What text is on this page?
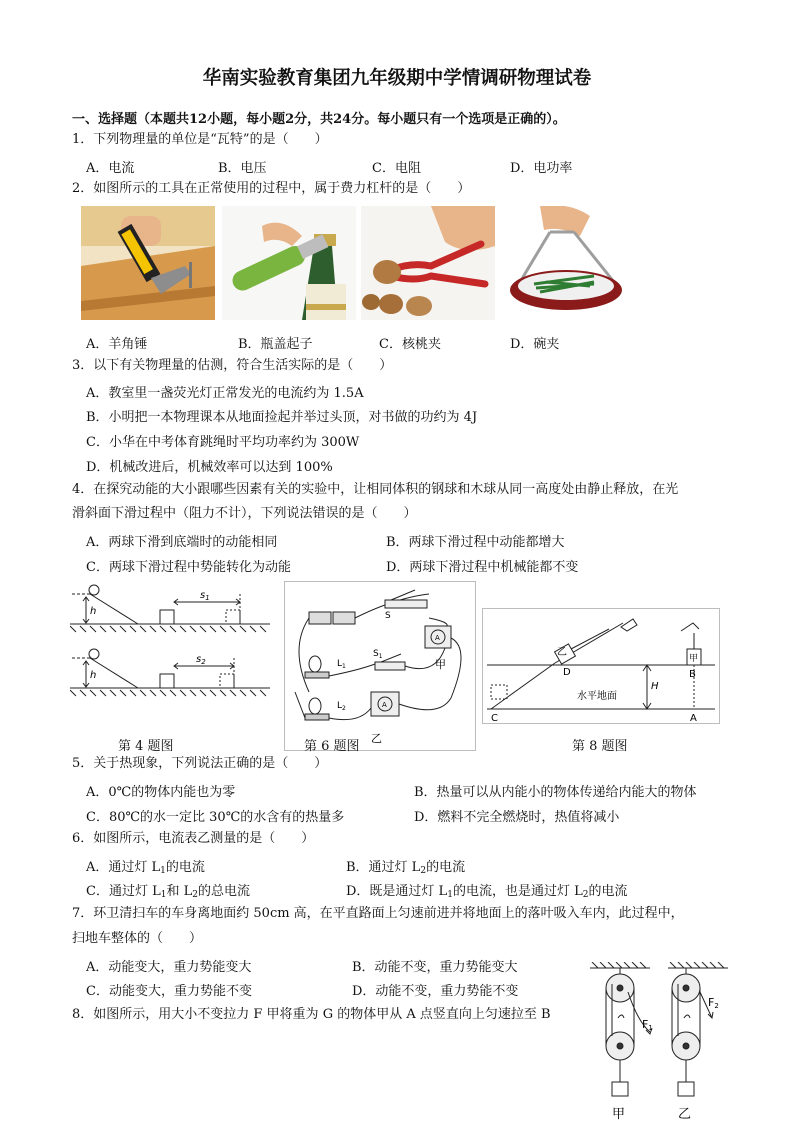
华南实验教育集团九年级期中学情调研物理试卷
一、选择题（本题共12小题，每小题2分，共24分。每小题只有一个选项是正确的）。
1．下列物理量的单位是“瓦特”的是（　　）
A．电流	B．电压	C．电阻	D．电功率
2．如图所示的工具在正常使用的过程中，属于费力杠杆的是（　　）
A．羊角锤	B．瓶盖起子	C．核桃夹	D．碗夹
3．以下有关物理量的估测，符合生活实际的是（　　）
A．教室里一盏荧光灯正常发光的电流约为 1.5A
B．小明把一本物理课本从地面捡起并举过头顶，对书做的功约为 4J
C．小华在中考体育跳绳时平均功率约为 300W
D．机械改进后，机械效率可以达到 100%
4．在探究动能的大小跟哪些因素有关的实验中，让相同体积的钢球和木球从同一高度处由静止释放，在光
滑斜面下滑过程中（阻力不计），下列说法错误的是（　　）
A．两球下滑到底端时的动能相同	B．两球下滑过程中动能都增大
C．两球下滑过程中势能转化为动能	D．两球下滑过程中机械能都不变
h
h
$s_1$
$s_2$
第 4 题图
S
$S_1$
$L_1$
$L_2$
A
A
甲
乙
第 6 题图
乙
甲
D	B
H
水平地面
C	A
第 8 题图
5．关于热现象，下列说法正确的是（　　）
A．0℃的物体内能也为零	B．热量可以从内能小的物体传递给内能大的物体
C．80℃的水一定比 30℃的水含有的热量多	D．燃料不完全燃烧时，热值将减小
6．如图所示，电流表乙测量的是（　　）
A．通过灯 $L_1$的电流	B．通过灯 $L_2$的电流
C．通过灯 $L_1$和 $L_2$的总电流	D．既是通过灯 $L_1$的电流，也是通过灯 $L_2$的电流
7．环卫清扫车的车身离地面约 50cm 高，在平直路面上匀速前进并将地面上的落叶吸入车内，此过程中，
扫地车整体的（　　）
A．动能变大，重力势能变大	B．动能不变，重力势能变大
C．动能变大，重力势能不变	D．动能不变，重力势能不变
8．如图所示，用大小不变拉力 F 甲将重为 G 的物体甲从 A 点竖直向上匀速拉至 B
F1
F2
甲	乙
